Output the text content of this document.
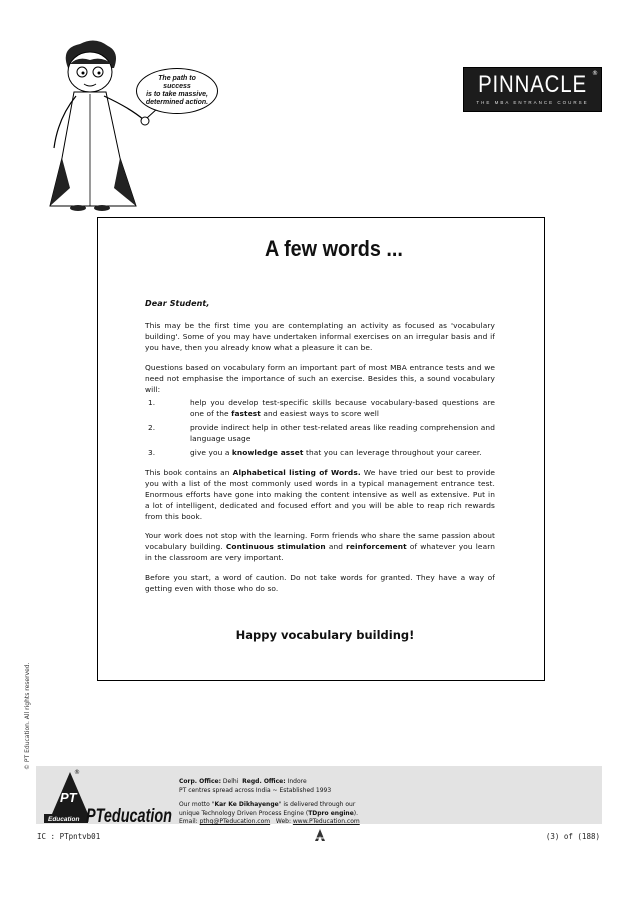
The path to success
is to take massive,
determined action.
PINNACLE
THE MBA ENTRANCE COURSE
®
A few words ...

Dear Student,

This may be the first time you are contemplating an activity as focused as 'vocabulary building'. Some of you may have undertaken informal exercises on an irregular basis and if you have, then you already know what a pleasure it can be.

Questions based on vocabulary form an important part of most MBA entrance tests and we need not emphasise the importance of such an exercise. Besides this, a sound vocabulary will:

1.	help you develop test-specific skills because vocabulary-based questions are one of the fastest and easiest ways to score well
2.	provide indirect help in other test-related areas like reading comprehension and language usage
3.	give you a knowledge asset that you can leverage throughout your career.

This book contains an Alphabetical listing of Words. We have tried our best to provide you with a list of the most commonly used words in a typical management entrance test. Enormous efforts have gone into making the content intensive as well as extensive. Put in a lot of intelligent, dedicated and focused effort and you will be able to reap rich rewards from this book.

Your work does not stop with the learning. Form friends who share the same passion about vocabulary building. Continuous stimulation and reinforcement of whatever you learn in the classroom are very important.

Before you start, a word of caution. Do not take words for granted. They have a way of getting even with those who do so.

Happy vocabulary building!
© PT Education. All rights reserved.
PT
Education PTeducation
®
Corp. Office: Delhi Regd. Office: Indore
PT centres spread across India ~ Established 1993
Our motto "Kar Ke Dikhayenge" is delivered through our
unique Technology Driven Process Engine (TDpro engine).
Email: pthq@PTeducation.com Web: www.PTeducation.com
IC : PTpntvb01	(3) of (188)
